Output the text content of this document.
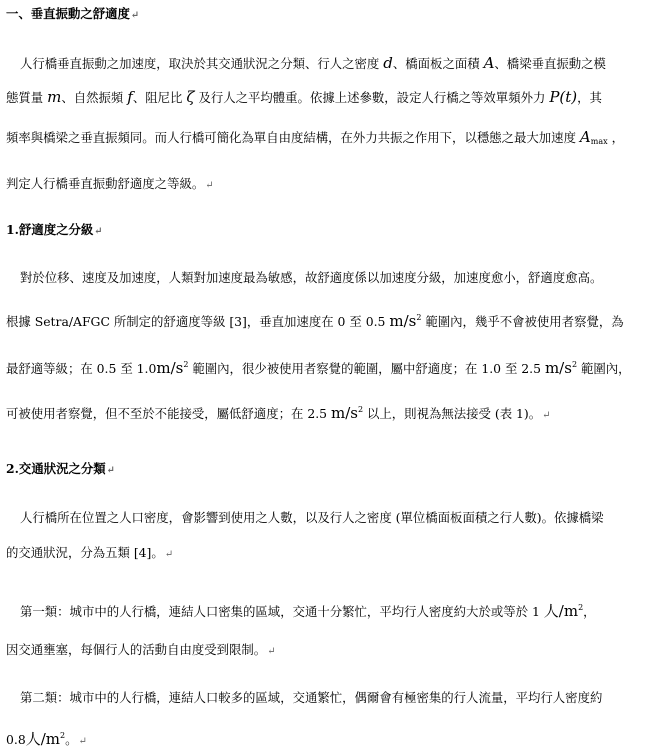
一、垂直振動之舒適度↵
人行橋垂直振動之加速度，取決於其交通狀況之分類、行人之密度 d、橋面板之面積 A、橋梁垂直振動之模
態質量 m、自然振頻 f、阻尼比 ζ 及行人之平均體重。依據上述參數，設定人行橋之等效單頻外力 P(t)，其
頻率與橋梁之垂直振頻同。而人行橋可簡化為單自由度結構，在外力共振之作用下，以穩態之最大加速度 $A_{max}$ ，
判定人行橋垂直振動舒適度之等級。↵
1.舒適度之分級↵
對於位移、速度及加速度，人類對加速度最為敏感，故舒適度係以加速度分級，加速度愈小，舒適度愈高。
根據 Setra/AFGC 所制定的舒適度等級 [3]，垂直加速度在 0 至 0.5 $m/s^2$ 範圍內，幾乎不會被使用者察覺，為
最舒適等級；在 0.5 至 $1.0m/s^2$ 範圍內，很少被使用者察覺的範圍，屬中舒適度；在 1.0 至 2.5 $m/s^2$ 範圍內，
可被使用者察覺，但不至於不能接受，屬低舒適度；在 2.5 $m/s^2$ 以上，則視為無法接受 (表 1)。↵
2.交通狀況之分類↵
人行橋所在位置之人口密度，會影響到使用之人數，以及行人之密度 (單位橋面板面積之行人數)。依據橋梁
的交通狀況，分為五類 [4]。↵
第一類：城市中的人行橋，連結人口密集的區域，交通十分繁忙，平均行人密度約大於或等於 1 人$/m^2$，
因交通壅塞，每個行人的活動自由度受到限制。↵
第二類：城市中的人行橋，連結人口較多的區域，交通繁忙，偶爾會有極密集的行人流量，平均行人密度約
0.8人$/m^2$。↵
